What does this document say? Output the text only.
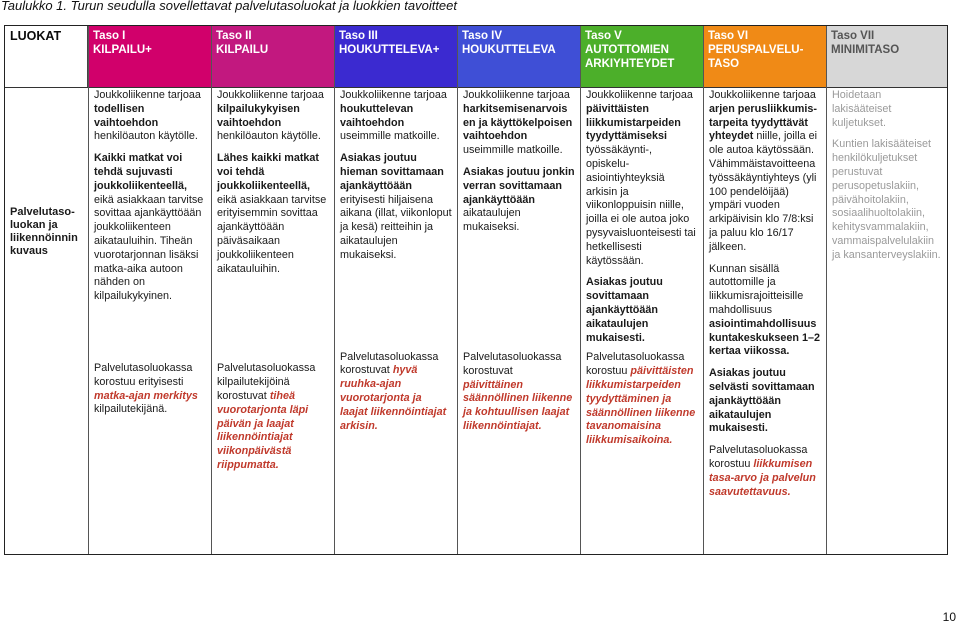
Taulukko 1. Turun seudulla sovellettavat palvelutasoluokat ja luokkien tavoitteet
LUOKAT	Taso I
KILPAILU+
Taso II
KILPAILU
Taso III
HOUKUTTELEVA+
Taso IV
HOUKUTTELEVA
Taso V
AUTOTTOMIEN ARKIYHTEYDET
Taso VI
PERUSPALVELU-TASO
Taso VII
MINIMITASO
Palvelutaso-luokan ja liikennöinnin kuvaus

Joukkoliikenne tarjoaa
todellisen vaihtoehdon
henkilöauton käytölle.

Kaikki matkat voi tehdä sujuvasti joukkoliikenteellä, eikä asiakkaan tarvitse sovittaa ajankäyttöään joukkoliikenteen aikatauluihin. Tiheän vuorotarjonnan lisäksi matka-aika autoon nähden on kilpailukykyinen.

Palvelutasoluokassa korostuu erityisesti matka-ajan merkitys kilpailutekijänä.

Joukkoliikenne tarjoaa
kilpailukykyisen vaihtoehdon
henkilöauton käytölle.

Lähes kaikki matkat voi tehdä joukkoliikenteellä, eikä asiakkaan tarvitse erityisemmin sovittaa ajankäyttöään päiväsaikaan joukkoliikenteen aikatauluihin.

Palvelutasoluokassa kilpailutekijöinä korostuvat tiheä vuorotarjonta läpi päivän ja laajat liikennöintiajat viikonpäivästä riippumatta.

Joukkoliikenne tarjoaa
houkuttelevan vaihtoehdon
useimmille matkoille.

Asiakas joutuu hieman sovittamaan ajankäyttöään erityisesti hiljaisena aikana (illat, viikonloput ja kesä) reitteihin ja aikataulujen mukaiseksi.

Palvelutasoluokassa korostuvat hyvä ruuhka-ajan vuorotarjonta ja laajat liikennöintiajat arkisin.

Joukkoliikenne tarjoaa
harkitsemisenarvois en ja käyttökelpoisen vaihtoehdon
useimmille matkoille.

Asiakas joutuu jonkin verran sovittamaan ajankäyttöään aikataulujen mukaiseksi.

Palvelutasoluokassa korostuvat päivittäinen säännöllinen liikenne ja kohtuullisen laajat liikennöintiajat.

Joukkoliikenne tarjoaa
päivittäisten liikkumistarpeiden tyydyttämiseksi
työssäkäynti-, opiskelu-asiointiyhteyksiä arkisin ja viikonloppuisin niille, joilla ei ole autoa joko pysyvaisluonteisesti tai hetkellisesti käytössään.

Asiakas joutuu sovittamaan ajankäyttöään aikataulujen mukaisesti.

Palvelutasoluokassa korostuu päivittäisten liikkumistarpeiden tyydyttäminen ja säännöllinen liikenne tavanomaisina liikkumisaikoina.

Joukkoliikenne tarjoaa
arjen perusliikkumis-tarpeita tyydyttävät yhteydet niille, joilla ei ole autoa käytössään. Vähimmäistavoitteena työssäkäyntiyhteys (yli 100 pendelöijää) ympäri vuoden arkipäivisin klo 7/8:ksi ja paluu klo 16/17 jälkeen.

Kunnan sisällä autottomille ja liikkumisrajoitteisille mahdollisuus asiointimahdollisuus kuntakeskukseen 1–2 kertaa viikossa.

Asiakas joutuu selvästi sovittamaan ajankäyttöään aikataulujen mukaisesti.

Palvelutasoluokassa korostuu liikkumisen tasa-arvo ja palvelun saavutettavuus.

Hoidetaan lakisääteiset kuljetukset.

Kuntien lakisääteiset henkilökuljetukset perustuvat perusopetuslakiin, päivähoitolakiin, sosiaalihuoltolakiin, kehitysvammalakiin, vammaispalvelulakiin ja kansanterveyslakiin.

10
